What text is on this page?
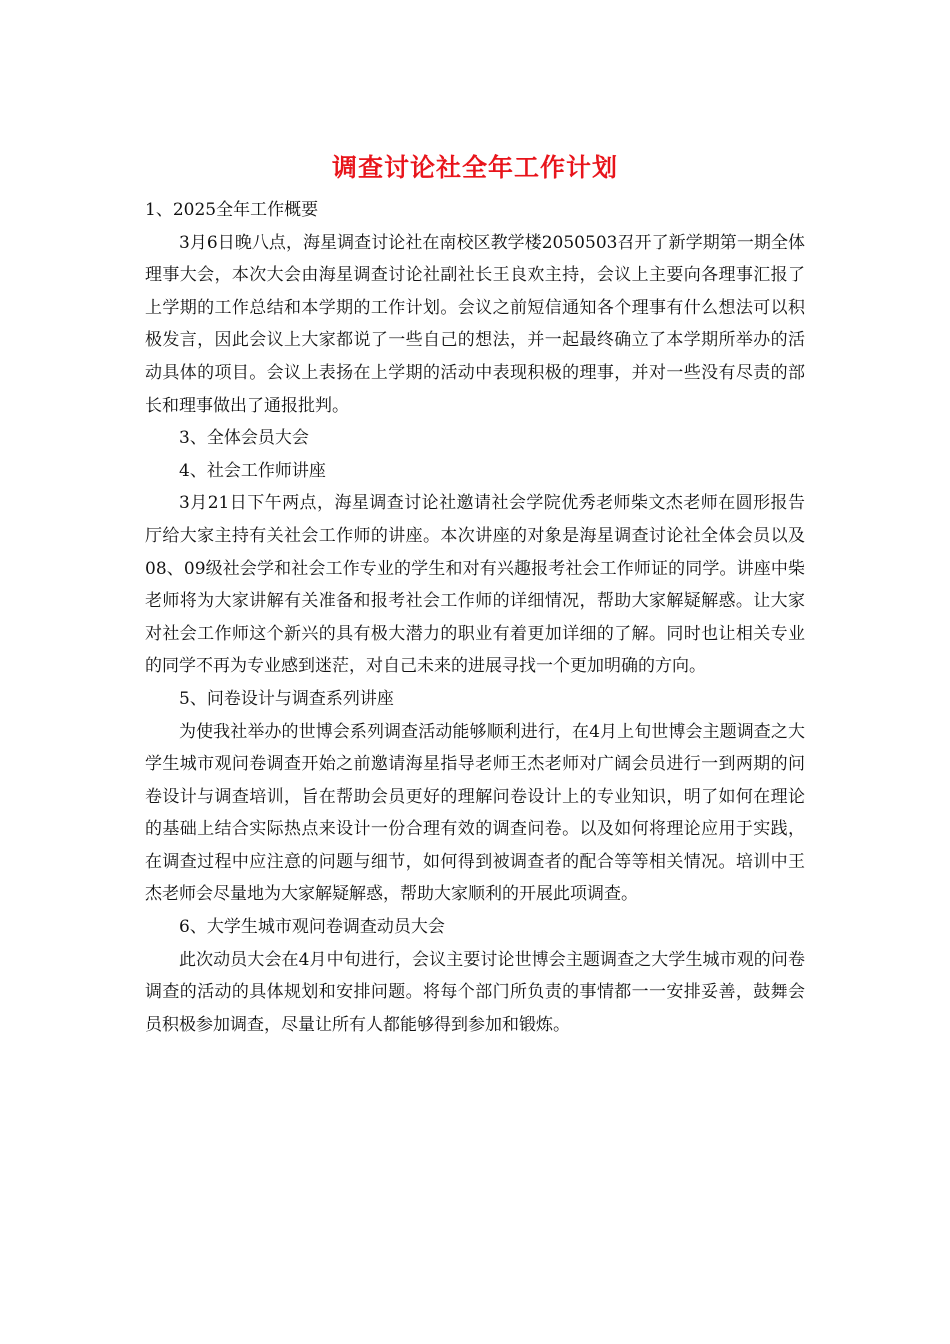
调查讨论社全年工作计划

1、2025全年工作概要

3月6日晚八点，海星调查讨论社在南校区教学楼2050503召开了新学期第一期全体理事大会，本次大会由海星调查讨论社副社长王良欢主持，会议上主要向各理事汇报了上学期的工作总结和本学期的工作计划。会议之前短信通知各个理事有什么想法可以积极发言，因此会议上大家都说了一些自己的想法，并一起最终确立了本学期所举办的活动具体的项目。会议上表扬在上学期的活动中表现积极的理事，并对一些没有尽责的部长和理事做出了通报批判。

3、全体会员大会

4、社会工作师讲座

3月21日下午两点，海星调查讨论社邀请社会学院优秀老师柴文杰老师在圆形报告厅给大家主持有关社会工作师的讲座。本次讲座的对象是海星调查讨论社全体会员以及08、09级社会学和社会工作专业的学生和对有兴趣报考社会工作师证的同学。讲座中柴老师将为大家讲解有关准备和报考社会工作师的详细情况，帮助大家解疑解惑。让大家对社会工作师这个新兴的具有极大潜力的职业有着更加详细的了解。同时也让相关专业的同学不再为专业感到迷茫，对自己未来的进展寻找一个更加明确的方向。

5、问卷设计与调查系列讲座

为使我社举办的世博会系列调查活动能够顺利进行，在4月上旬世博会主题调查之大学生城市观问卷调查开始之前邀请海星指导老师王杰老师对广阔会员进行一到两期的问卷设计与调查培训，旨在帮助会员更好的理解问卷设计上的专业知识，明了如何在理论的基础上结合实际热点来设计一份合理有效的调查问卷。以及如何将理论应用于实践，在调查过程中应注意的问题与细节，如何得到被调查者的配合等等相关情况。培训中王杰老师会尽量地为大家解疑解惑，帮助大家顺利的开展此项调查。

6、大学生城市观问卷调查动员大会

此次动员大会在4月中旬进行，会议主要讨论世博会主题调查之大学生城市观的问卷调查的活动的具体规划和安排问题。将每个部门所负责的事情都一一安排妥善，鼓舞会员积极参加调查，尽量让所有人都能够得到参加和锻炼。
